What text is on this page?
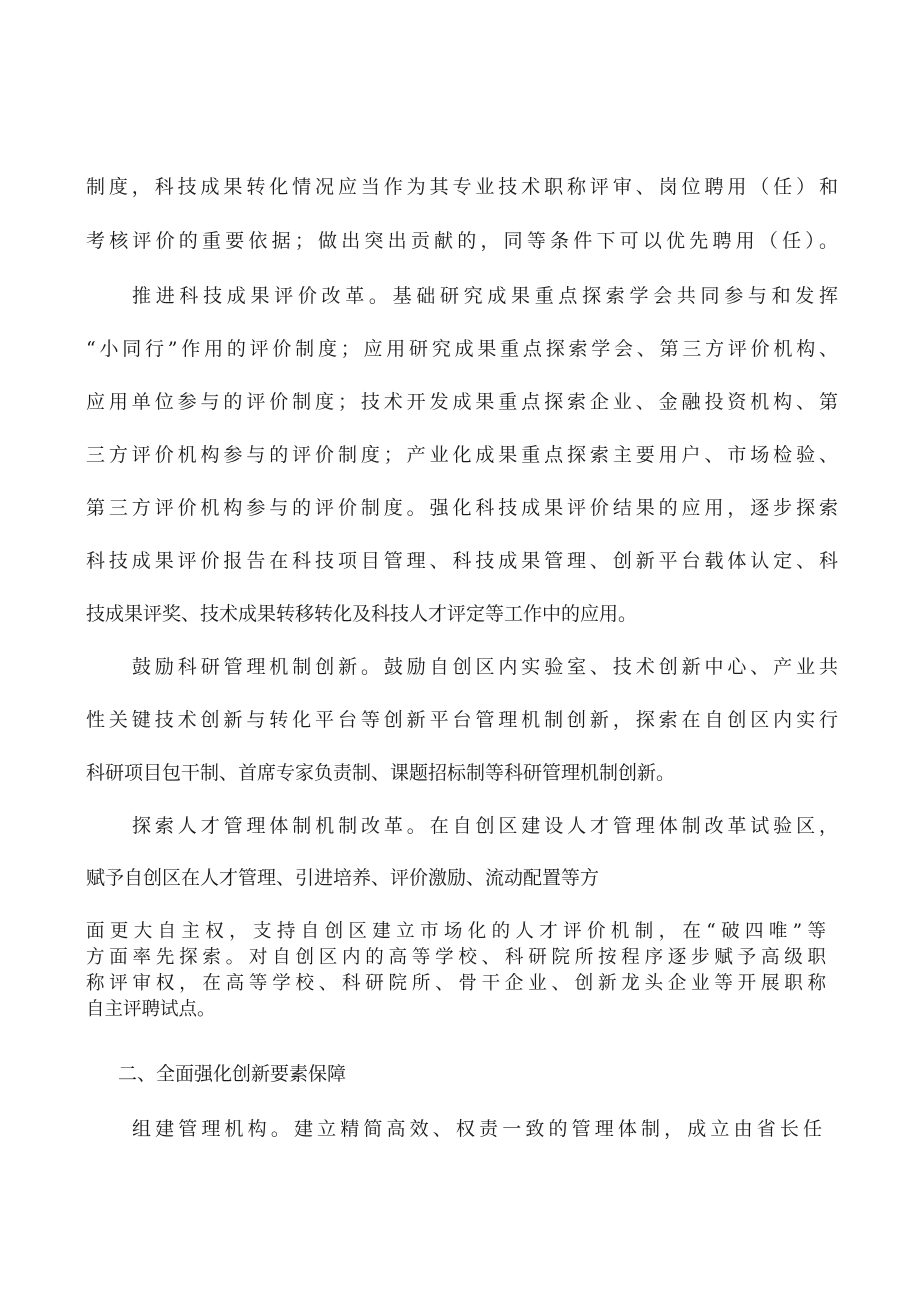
制度，科技成果转化情况应当作为其专业技术职称评审、岗位聘用（任）和
考核评价的重要依据；做出突出贡献的，同等条件下可以优先聘用（任）。
推进科技成果评价改革。基础研究成果重点探索学会共同参与和发挥
“小同行”作用的评价制度；应用研究成果重点探索学会、第三方评价机构、
应用单位参与的评价制度；技术开发成果重点探索企业、金融投资机构、第
三方评价机构参与的评价制度；产业化成果重点探索主要用户、市场检验、
第三方评价机构参与的评价制度。强化科技成果评价结果的应用，逐步探索
科技成果评价报告在科技项目管理、科技成果管理、创新平台载体认定、科
技成果评奖、技术成果转移转化及科技人才评定等工作中的应用。
鼓励科研管理机制创新。鼓励自创区内实验室、技术创新中心、产业共
性关键技术创新与转化平台等创新平台管理机制创新，探索在自创区内实行
科研项目包干制、首席专家负责制、课题招标制等科研管理机制创新。
探索人才管理体制机制改革。在自创区建设人才管理体制改革试验区，
赋予自创区在人才管理、引进培养、评价激励、流动配置等方
面更大自主权，支持自创区建立市场化的人才评价机制，在“破四唯”等
方面率先探索。对自创区内的高等学校、科研院所按程序逐步赋予高级职
称评审权，在高等学校、科研院所、骨干企业、创新龙头企业等开展职称
自主评聘试点。
二、全面强化创新要素保障
组建管理机构。建立精简高效、权责一致的管理体制，成立由省长任
